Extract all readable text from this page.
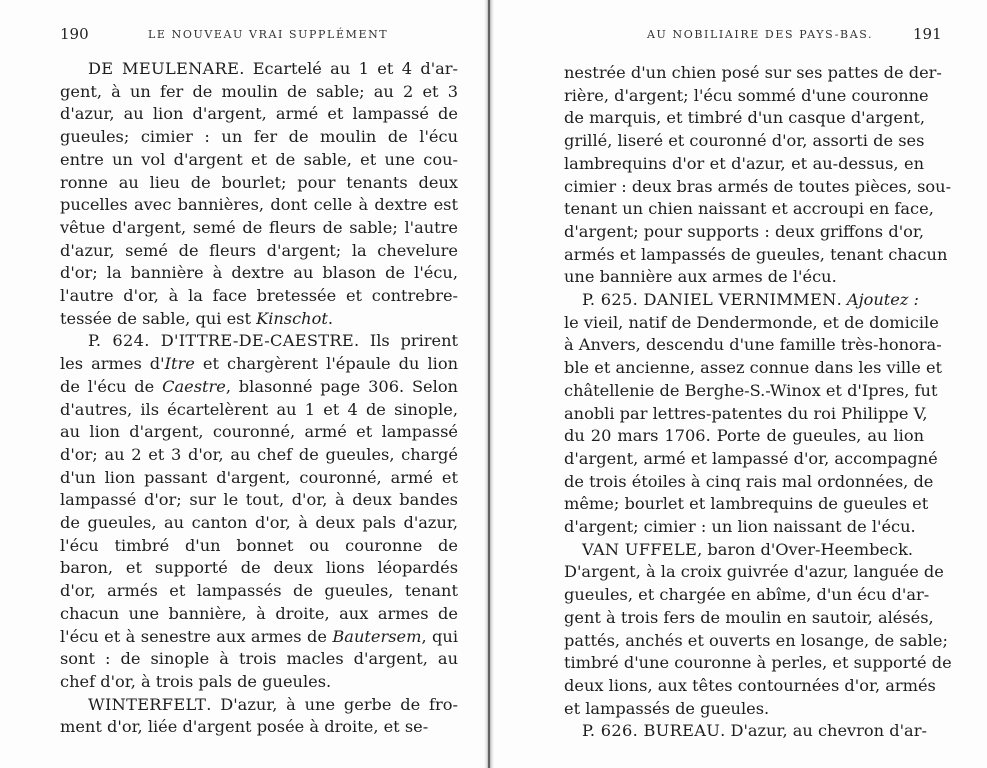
190	LE NOUVEAU VRAI SUPPLÉMENT
DE MEULENARE. Ecartelé au 1 et 4 d'ar-
gent, à un fer de moulin de sable; au 2 et 3
d'azur, au lion d'argent, armé et lampassé de
gueules; cimier : un fer de moulin de l'écu
entre un vol d'argent et de sable, et une cou-
ronne au lieu de bourlet; pour tenants deux
pucelles avec bannières, dont celle à dextre est
vêtue d'argent, semé de fleurs de sable; l'autre
d'azur, semé de fleurs d'argent; la chevelure
d'or; la bannière à dextre au blason de l'écu,
l'autre d'or, à la face bretessée et contrebre-
tessée de sable, qui est Kinschot.
P. 624. D'ITTRE-DE-CAESTRE. Ils prirent
les armes d'Itre et chargèrent l'épaule du lion
de l'écu de Caestre, blasonné page 306. Selon
d'autres, ils écartelèrent au 1 et 4 de sinople,
au lion d'argent, couronné, armé et lampassé
d'or; au 2 et 3 d'or, au chef de gueules, chargé
d'un lion passant d'argent, couronné, armé et
lampassé d'or; sur le tout, d'or, à deux bandes
de gueules, au canton d'or, à deux pals d'azur,
l'écu timbré d'un bonnet ou couronne de
baron, et supporté de deux lions léopardés
d'or, armés et lampassés de gueules, tenant
chacun une bannière, à droite, aux armes de
l'écu et à senestre aux armes de Bautersem, qui
sont : de sinople à trois macles d'argent, au
chef d'or, à trois pals de gueules.
WINTERFELT. D'azur, à une gerbe de fro-
ment d'or, liée d'argent posée à droite, et se-
AU NOBILIAIRE DES PAYS-BAS.	191
nestrée d'un chien posé sur ses pattes de der-
rière, d'argent; l'écu sommé d'une couronne
de marquis, et timbré d'un casque d'argent,
grillé, liseré et couronné d'or, assorti de ses
lambrequins d'or et d'azur, et au-dessus, en
cimier : deux bras armés de toutes pièces, sou-
tenant un chien naissant et accroupi en face,
d'argent; pour supports : deux griffons d'or,
armés et lampassés de gueules, tenant chacun
une bannière aux armes de l'écu.
P. 625. DANIEL VERNIMMEN. Ajoutez :
le vieil, natif de Dendermonde, et de domicile
à Anvers, descendu d'une famille très-honora-
ble et ancienne, assez connue dans les ville et
châtellenie de Berghe-S.-Winox et d'Ipres, fut
anobli par lettres-patentes du roi Philippe V,
du 20 mars 1706. Porte de gueules, au lion
d'argent, armé et lampassé d'or, accompagné
de trois étoiles à cinq rais mal ordonnées, de
même; bourlet et lambrequins de gueules et
d'argent; cimier : un lion naissant de l'écu.
VAN UFFELE, baron d'Over-Heembeck.
D'argent, à la croix guivrée d'azur, languée de
gueules, et chargée en abîme, d'un écu d'ar-
gent à trois fers de moulin en sautoir, alésés,
pattés, anchés et ouverts en losange, de sable;
timbré d'une couronne à perles, et supporté de
deux lions, aux têtes contournées d'or, armés
et lampassés de gueules.
P. 626. BUREAU. D'azur, au chevron d'ar-
